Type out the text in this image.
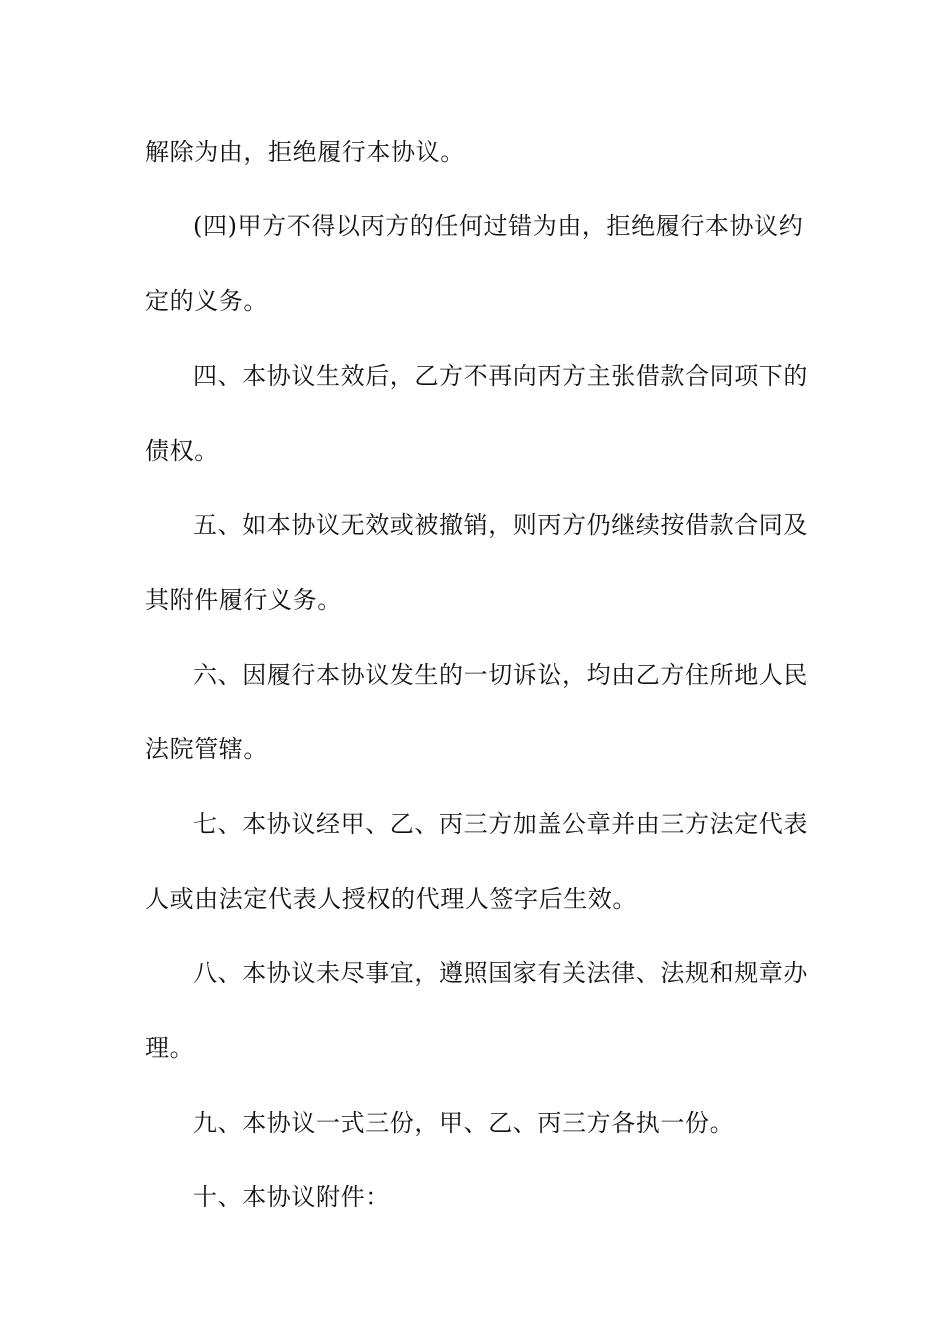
解除为由，拒绝履行本协议。
(四)甲方不得以丙方的任何过错为由，拒绝履行本协议约
定的义务。
四、本协议生效后，乙方不再向丙方主张借款合同项下的
债权。
五、如本协议无效或被撤销，则丙方仍继续按借款合同及
其附件履行义务。
六、因履行本协议发生的一切诉讼，均由乙方住所地人民
法院管辖。
七、本协议经甲、乙、丙三方加盖公章并由三方法定代表
人或由法定代表人授权的代理人签字后生效。
八、本协议未尽事宜，遵照国家有关法律、法规和规章办
理。
九、本协议一式三份，甲、乙、丙三方各执一份。
十、本协议附件：
